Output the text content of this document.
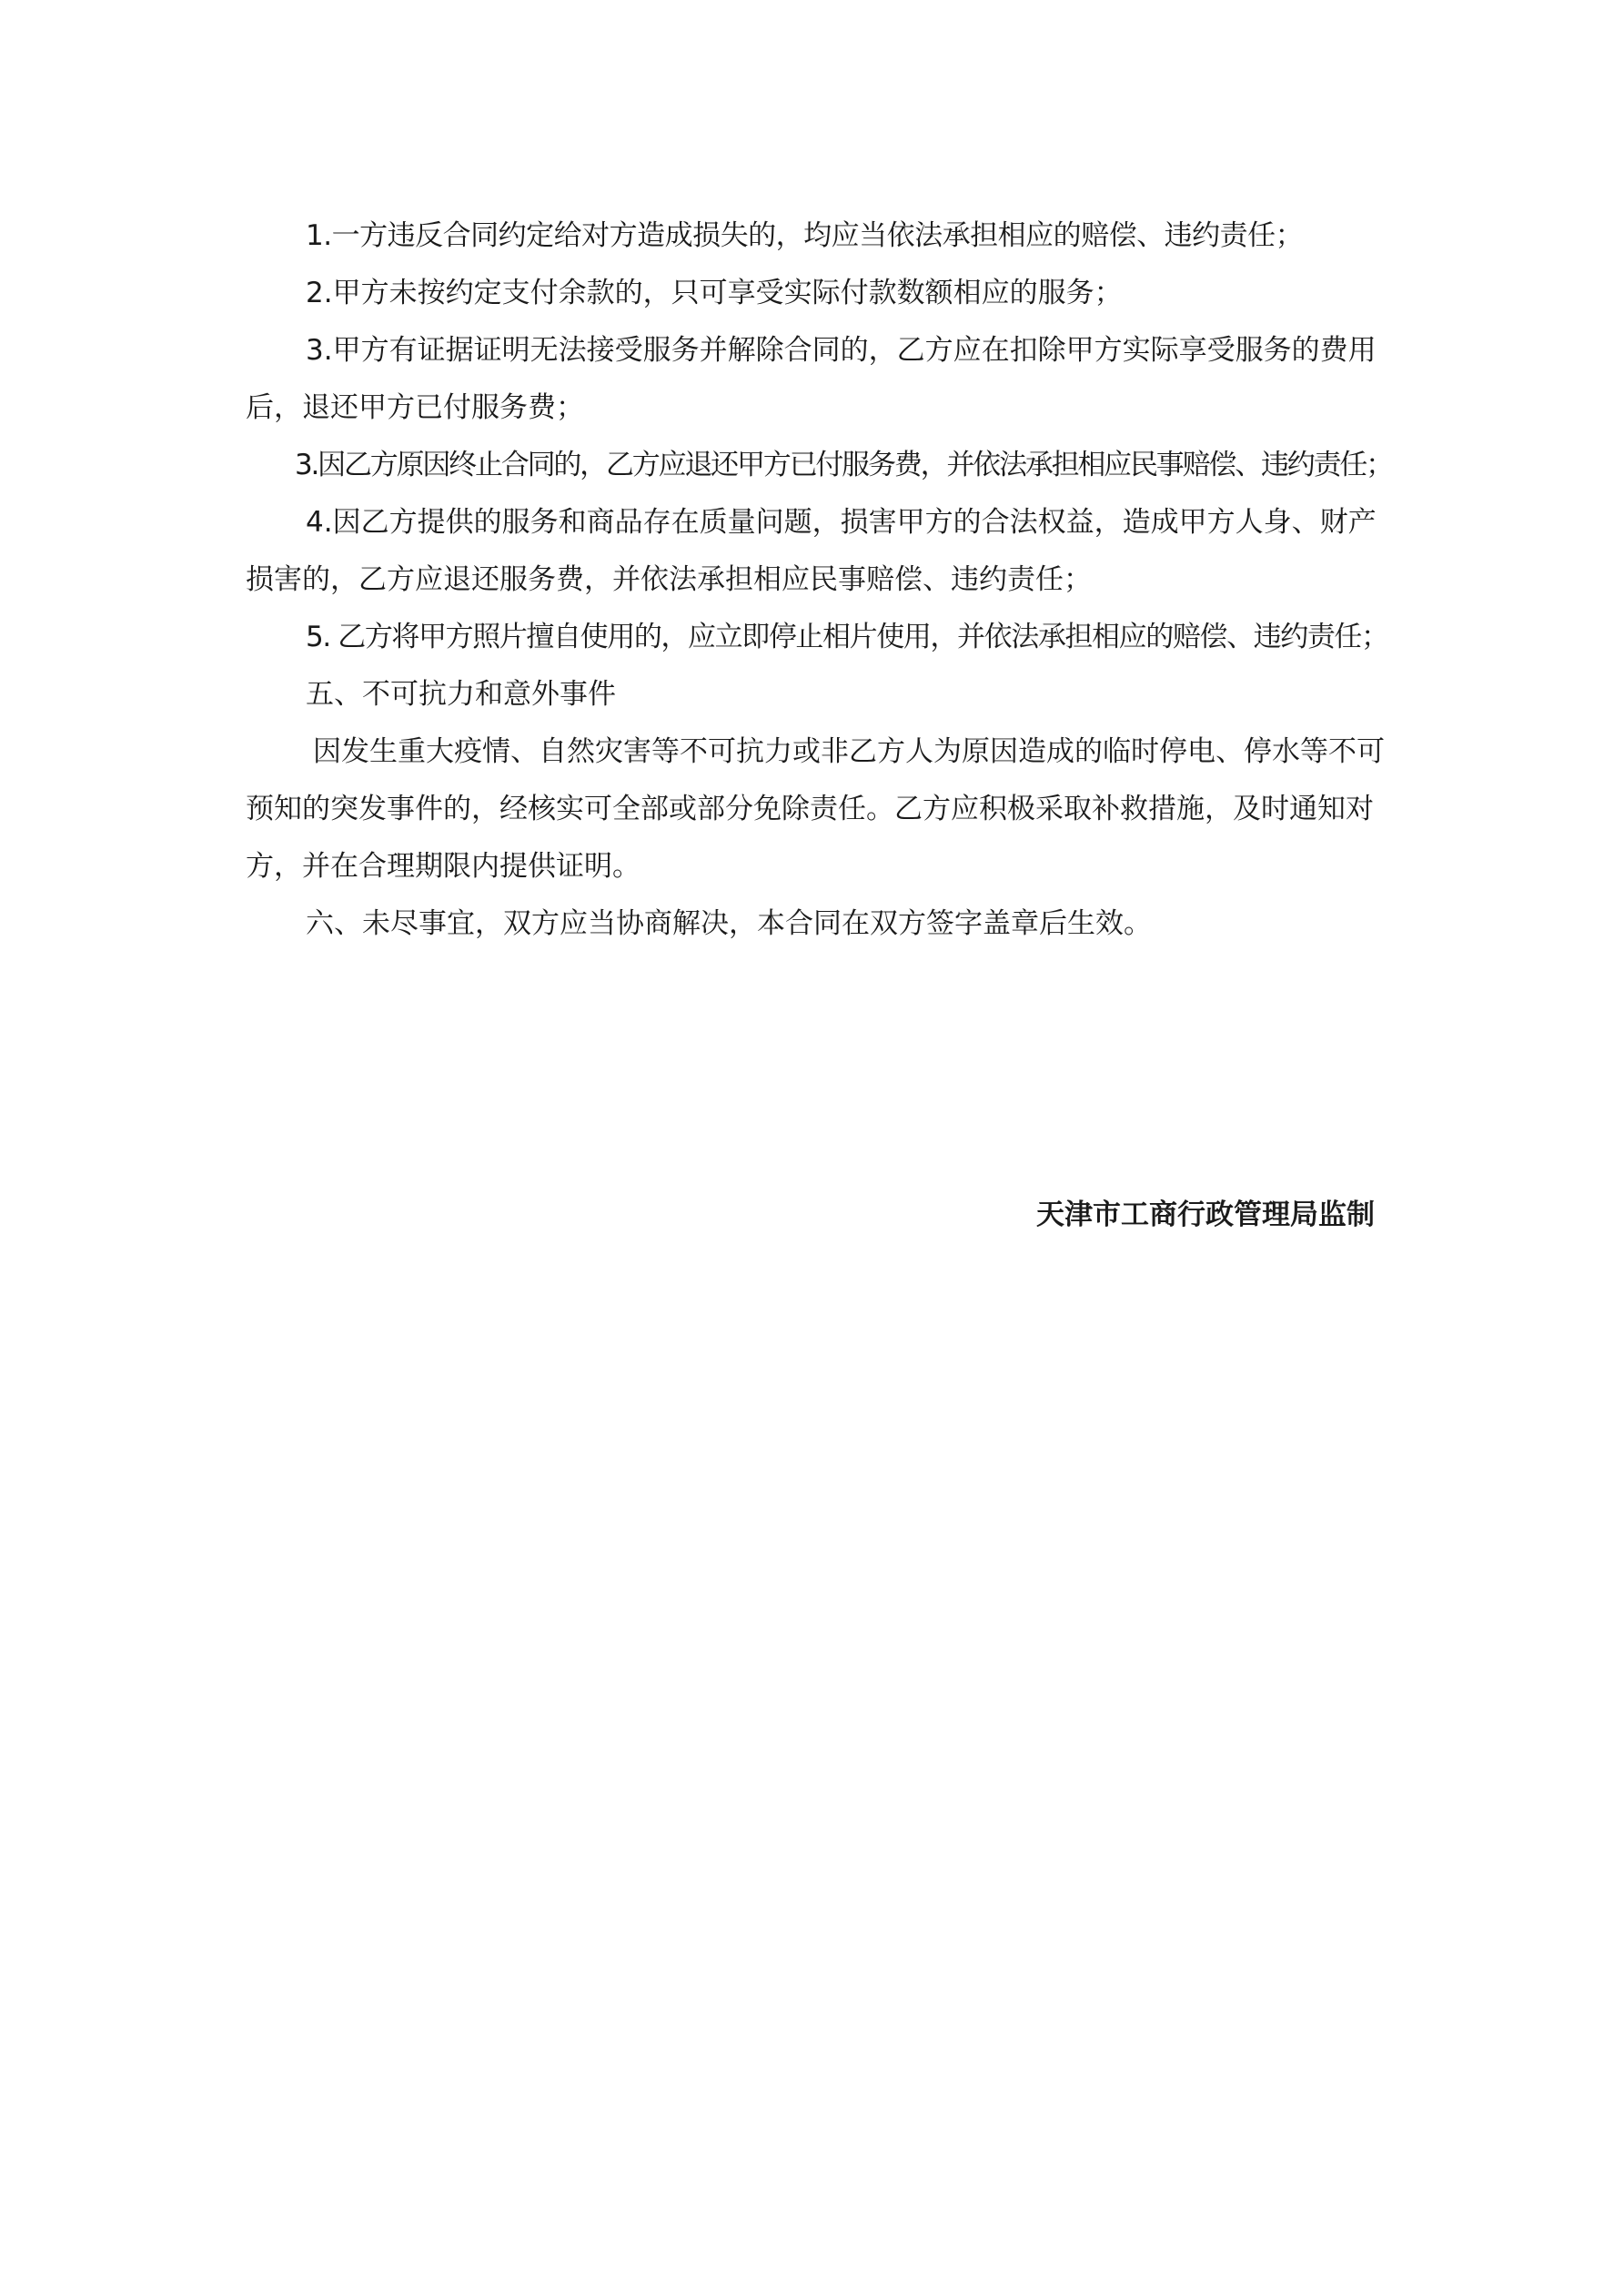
1.一方违反合同约定给对方造成损失的，均应当依法承担相应的赔偿、违约责任；

2.甲方未按约定支付余款的，只可享受实际付款数额相应的服务；

3.甲方有证据证明无法接受服务并解除合同的，乙方应在扣除甲方实际享受服务的费用后，退还甲方已付服务费；

3.因乙方原因终止合同的，乙方应退还甲方已付服务费，并依法承担相应民事赔偿、违约责任；

4.因乙方提供的服务和商品存在质量问题，损害甲方的合法权益，造成甲方人身、财产损害的，乙方应退还服务费，并依法承担相应民事赔偿、违约责任；

5. 乙方将甲方照片擅自使用的，应立即停止相片使用，并依法承担相应的赔偿、违约责任；

五、不可抗力和意外事件

因发生重大疫情、自然灾害等不可抗力或非乙方人为原因造成的临时停电、停水等不可预知的突发事件的，经核实可全部或部分免除责任。乙方应积极采取补救措施，及时通知对方，并在合理期限内提供证明。

六、未尽事宜，双方应当协商解决，本合同在双方签字盖章后生效。

天津市工商行政管理局监制
